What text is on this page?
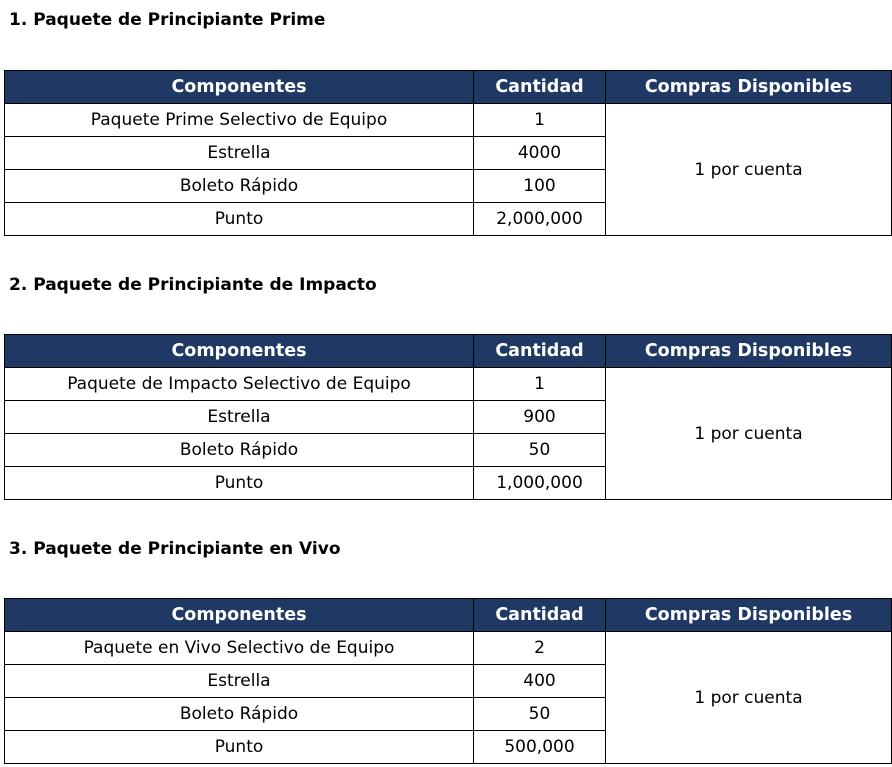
1. Paquete de Principiante Prime
Componentes	Cantidad	Compras Disponibles
Paquete Prime Selectivo de Equipo	1	1 por cuenta
Estrella	4000	
Boleto Rápido	100	
Punto	2,000,000	
2. Paquete de Principiante de Impacto
Componentes	Cantidad	Compras Disponibles
Paquete de Impacto Selectivo de Equipo	1	1 por cuenta
Estrella	900	
Boleto Rápido	50	
Punto	1,000,000	
3. Paquete de Principiante en Vivo
Componentes	Cantidad	Compras Disponibles
Paquete en Vivo Selectivo de Equipo	2	1 por cuenta
Estrella	400	
Boleto Rápido	50	
Punto	500,000	
